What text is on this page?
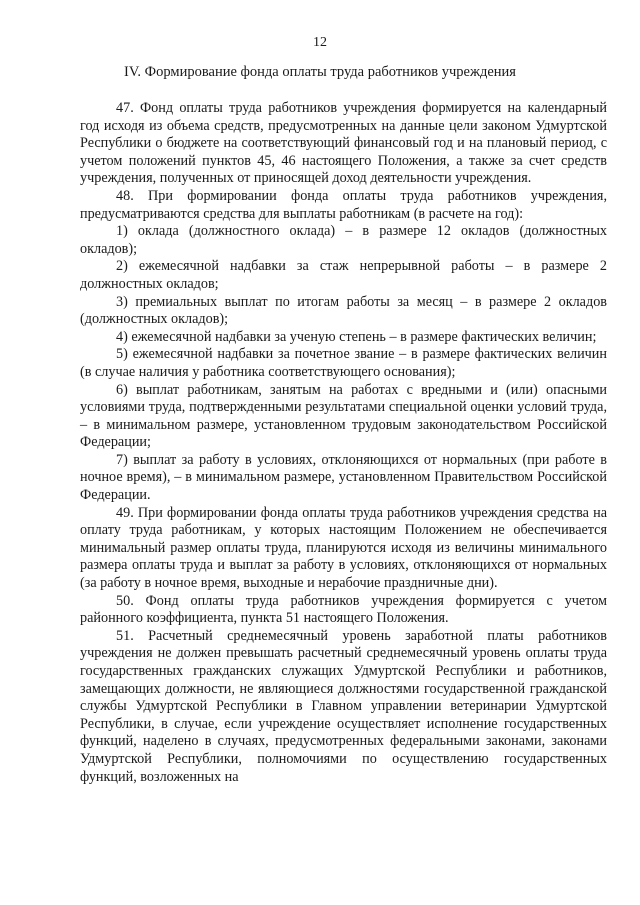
12
IV. Формирование фонда оплаты труда работников учреждения

47. Фонд оплаты труда работников учреждения формируется на календарный год исходя из объема средств, предусмотренных на данные цели законом Удмуртской Республики о бюджете на соответствующий финансовый год и на плановый период, с учетом положений пунктов 45, 46 настоящего Положения, а также за счет средств учреждения, полученных от приносящей доход деятельности учреждения.

48. При формировании фонда оплаты труда работников учреждения, предусматриваются средства для выплаты работникам (в расчете на год):

1) оклада (должностного оклада) – в размере 12 окладов (должностных окладов);

2) ежемесячной надбавки за стаж непрерывной работы – в размере 2 должностных окладов;

3) премиальных выплат по итогам работы за месяц – в размере 2 окладов (должностных окладов);

4) ежемесячной надбавки за ученую степень – в размере фактических величин;

5) ежемесячной надбавки за почетное звание – в размере фактических величин (в случае наличия у работника соответствующего основания);

6) выплат работникам, занятым на работах с вредными и (или) опасными условиями труда, подтвержденными результатами специальной оценки условий труда, – в минимальном размере, установленном трудовым законодательством Российской Федерации;

7) выплат за работу в условиях, отклоняющихся от нормальных (при работе в ночное время), – в минимальном размере, установленном Правительством Российской Федерации.

49. При формировании фонда оплаты труда работников учреждения средства на оплату труда работникам, у которых настоящим Положением не обеспечивается минимальный размер оплаты труда, планируются исходя из величины минимального размера оплаты труда и выплат за работу в условиях, отклоняющихся от нормальных (за работу в ночное время, выходные и нерабочие праздничные дни).

50. Фонд оплаты труда работников учреждения формируется с учетом районного коэффициента, пункта 51 настоящего Положения.

51. Расчетный среднемесячный уровень заработной платы работников учреждения не должен превышать расчетный среднемесячный уровень оплаты труда государственных гражданских служащих Удмуртской Республики и работников, замещающих должности, не являющиеся должностями государственной гражданской службы Удмуртской Республики в Главном управлении ветеринарии Удмуртской Республики, в случае, если учреждение осуществляет исполнение государственных функций, наделено в случаях, предусмотренных федеральными законами, законами Удмуртской Республики, полномочиями по осуществлению государственных функций, возложенных на
